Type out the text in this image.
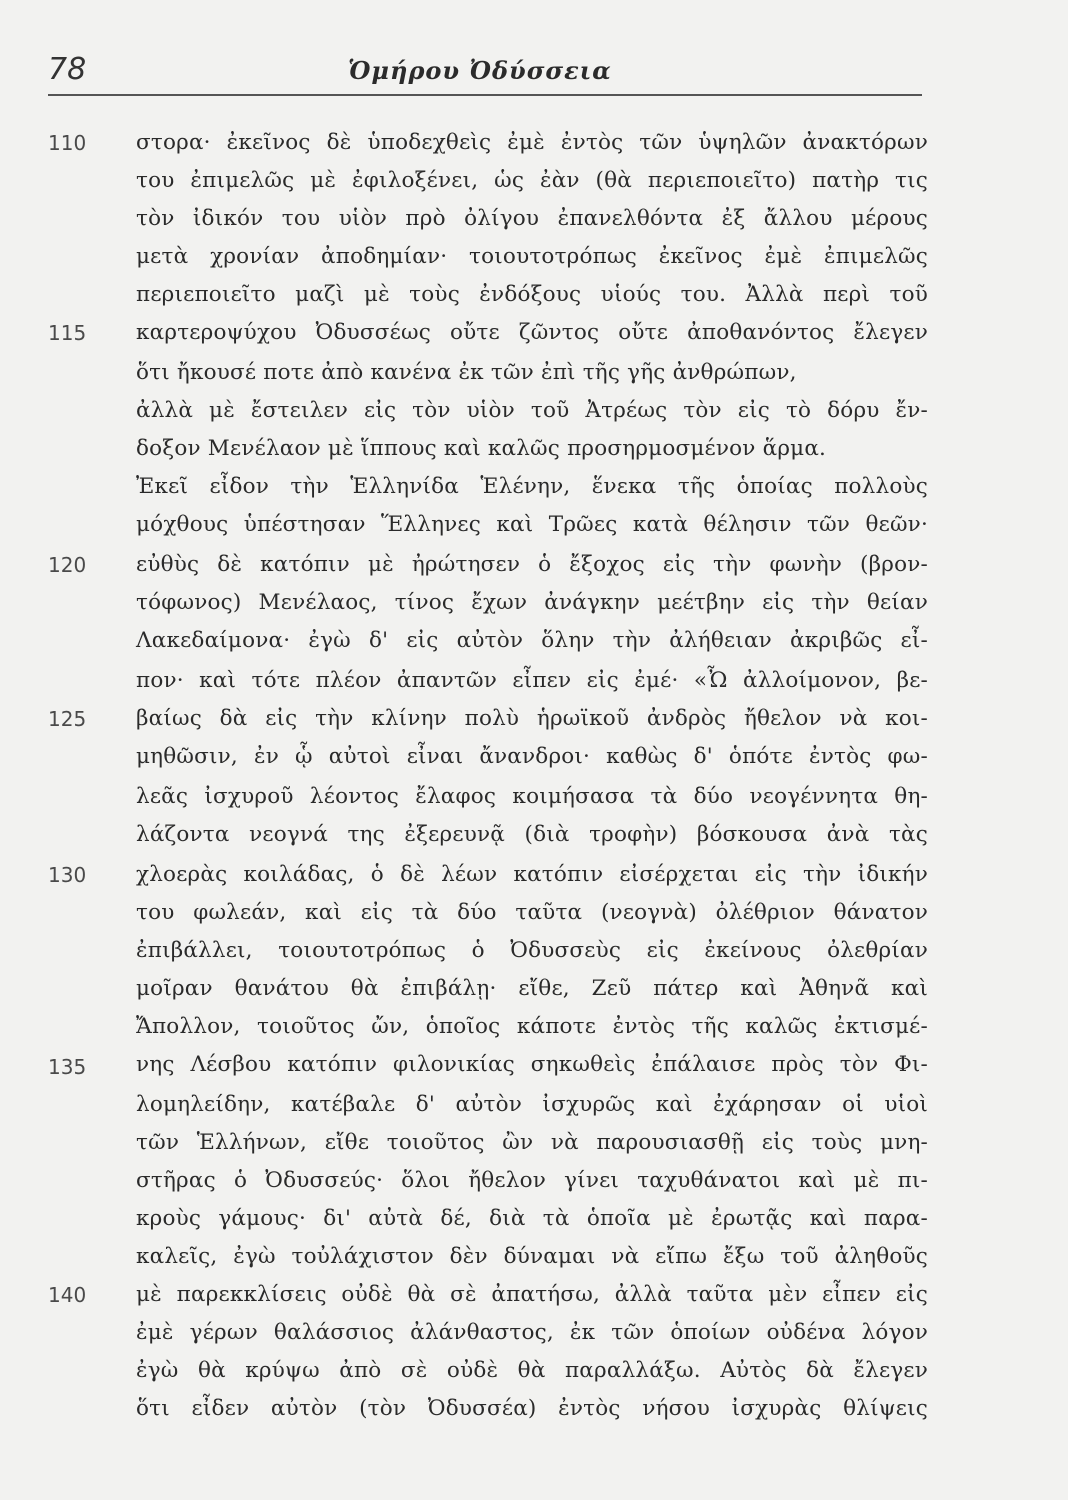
78	Ὁμήρου Ὀδύσσεια
110
115
120
125
130
135
140
στορα· ἐκεῖνος δὲ ὑποδεχθεὶς ἐμὲ ἐντὸς τῶν ὑψηλῶν ἀνακτόρων
του ἐπιμελῶς μὲ ἐφιλοξένει, ὡς ἐὰν (θὰ περιεποιεῖτο) πατὴρ τις
τὸν ἰδικόν του υἱὸν πρὸ ὀλίγου ἐπανελθόντα ἐξ ἄλλου μέρους
μετὰ χρονίαν ἀποδημίαν· τοιουτοτρόπως ἐκεῖνος ἐμὲ ἐπιμελῶς
περιεποιεῖτο μαζὶ μὲ τοὺς ἐνδόξους υἱούς του. Ἀλλὰ περὶ τοῦ
καρτεροψύχου Ὀδυσσέως οὔτε ζῶντος οὔτε ἀποθανόντος ἔλεγεν
ὅτι ἤκουσέ ποτε ἀπὸ κανένα ἐκ τῶν ἐπὶ τῆς γῆς ἀνθρώπων,
ἀλλὰ μὲ ἔστειλεν εἰς τὸν υἱὸν τοῦ Ἀτρέως τὸν εἰς τὸ δόρυ ἔν-
δοξον Μενέλαον μὲ ἵππους καὶ καλῶς προσηρμοσμένον ἅρμα.
Ἐκεῖ εἶδον τὴν Ἑλληνίδα Ἑλένην, ἕνεκα τῆς ὁποίας πολλοὺς
μόχθους ὑπέστησαν Ἕλληνες καὶ Τρῶες κατὰ θέλησιν τῶν θεῶν·
εὐθὺς δὲ κατόπιν μὲ ἠρώτησεν ὁ ἔξοχος εἰς τὴν φωνὴν (βρον-
τόφωνος) Μενέλαος, τίνος ἔχων ἀνάγκην μεέτβην εἰς τὴν θείαν
Λακεδαίμονα· ἐγὼ δ' εἰς αὐτὸν ὅλην τὴν ἀλήθειαν ἀκριβῶς εἶ-
πον· καὶ τότε πλέον ἀπαντῶν εἶπεν εἰς ἐμέ· «Ὦ ἀλλοίμονον, βε-
βαίως δὰ εἰς τὴν κλίνην πολὺ ἡρωϊκοῦ ἀνδρὸς ἤθελον νὰ κοι-
μηθῶσιν, ἐν ᾧ αὐτοὶ εἶναι ἄνανδροι· καθὼς δ' ὁπότε ἐντὸς φω-
λεᾶς ἰσχυροῦ λέοντος ἔλαφος κοιμήσασα τὰ δύο νεογέννητα θη-
λάζοντα νεογνά της ἐξερευνᾷ (διὰ τροφὴν) βόσκουσα ἀνὰ τὰς
χλοερὰς κοιλάδας, ὁ δὲ λέων κατόπιν εἰσέρχεται εἰς τὴν ἰδικήν
του φωλεάν, καὶ εἰς τὰ δύο ταῦτα (νεογνὰ) ὀλέθριον θάνατον
ἐπιβάλλει, τοιουτοτρόπως ὁ Ὀδυσσεὺς εἰς ἐκείνους ὀλεθρίαν
μοῖραν θανάτου θὰ ἐπιβάλῃ· εἴθε, Ζεῦ πάτερ καὶ Ἀθηνᾶ καὶ
Ἄπολλον, τοιοῦτος ὤν, ὁποῖος κάποτε ἐντὸς τῆς καλῶς ἐκτισμέ-
νης Λέσβου κατόπιν φιλονικίας σηκωθεὶς ἐπάλαισε πρὸς τὸν Φι-
λομηλείδην, κατέβαλε δ' αὐτὸν ἰσχυρῶς καὶ ἐχάρησαν οἱ υἱοὶ
τῶν Ἑλλήνων, εἴθε τοιοῦτος ὢν νὰ παρουσιασθῇ εἰς τοὺς μνη-
στῆρας ὁ Ὀδυσσεύς· ὅλοι ἤθελον γίνει ταχυθάνατοι καὶ μὲ πι-
κροὺς γάμους· δι' αὐτὰ δέ, διὰ τὰ ὁποῖα μὲ ἐρωτᾷς καὶ παρα-
καλεῖς, ἐγὼ τοὐλάχιστον δὲν δύναμαι νὰ εἴπω ἔξω τοῦ ἀληθοῦς
μὲ παρεκκλίσεις οὐδὲ θὰ σὲ ἀπατήσω, ἀλλὰ ταῦτα μὲν εἶπεν εἰς
ἐμὲ γέρων θαλάσσιος ἀλάνθαστος, ἐκ τῶν ὁποίων οὐδένα λόγον
ἐγὼ θὰ κρύψω ἀπὸ σὲ οὐδὲ θὰ παραλλάξω. Αὐτὸς δὰ ἔλεγεν
ὅτι εἶδεν αὐτὸν (τὸν Ὀδυσσέα) ἐντὸς νήσου ἰσχυρὰς θλίψεις
